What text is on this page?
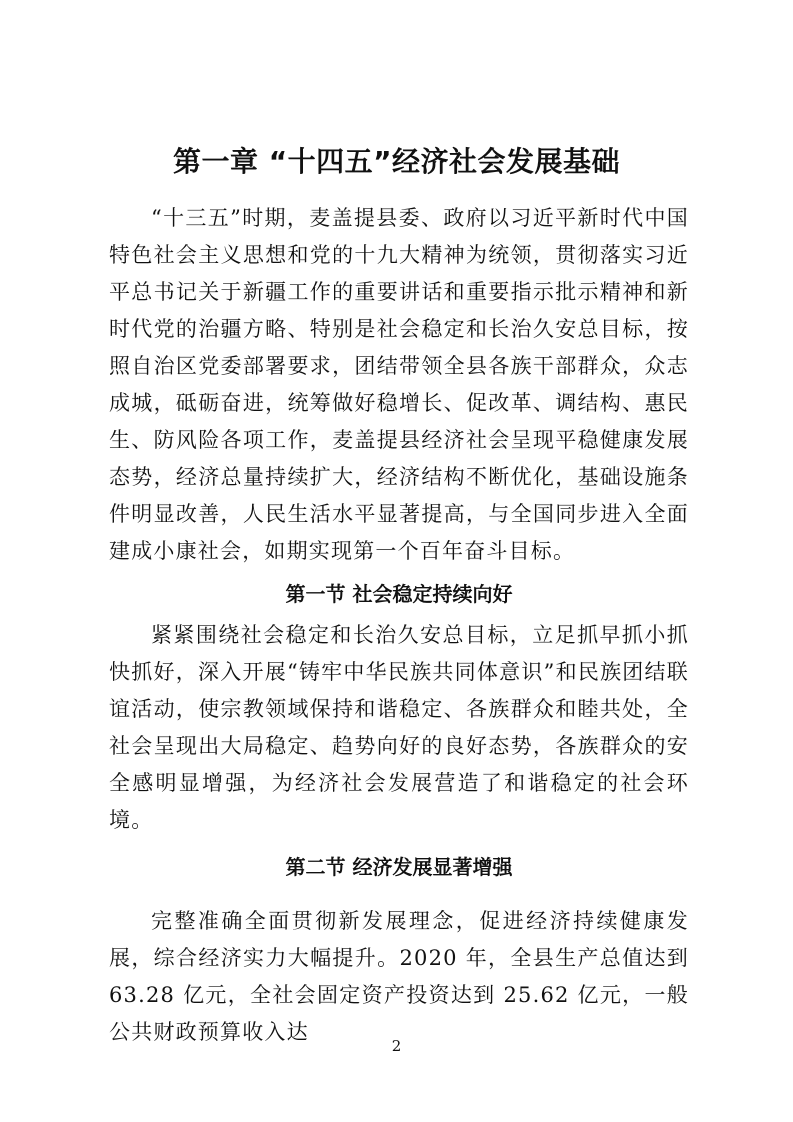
第一章 “十四五”经济社会发展基础

“十三五”时期，麦盖提县委、政府以习近平新时代中国特色社会主义思想和党的十九大精神为统领，贯彻落实习近平总书记关于新疆工作的重要讲话和重要指示批示精神和新时代党的治疆方略、特别是社会稳定和长治久安总目标，按照自治区党委部署要求，团结带领全县各族干部群众，众志成城，砥砺奋进，统筹做好稳增长、促改革、调结构、惠民生、防风险各项工作，麦盖提县经济社会呈现平稳健康发展态势，经济总量持续扩大，经济结构不断优化，基础设施条件明显改善，人民生活水平显著提高，与全国同步进入全面建成小康社会，如期实现第一个百年奋斗目标。

第一节 社会稳定持续向好

紧紧围绕社会稳定和长治久安总目标，立足抓早抓小抓快抓好，深入开展“铸牢中华民族共同体意识”和民族团结联谊活动，使宗教领域保持和谐稳定、各族群众和睦共处，全社会呈现出大局稳定、趋势向好的良好态势，各族群众的安全感明显增强，为经济社会发展营造了和谐稳定的社会环境。

第二节 经济发展显著增强

完整准确全面贯彻新发展理念，促进经济持续健康发展，综合经济实力大幅提升。2020 年，全县生产总值达到 63.28 亿元，全社会固定资产投资达到 25.62 亿元，一般公共财政预算收入达

2
